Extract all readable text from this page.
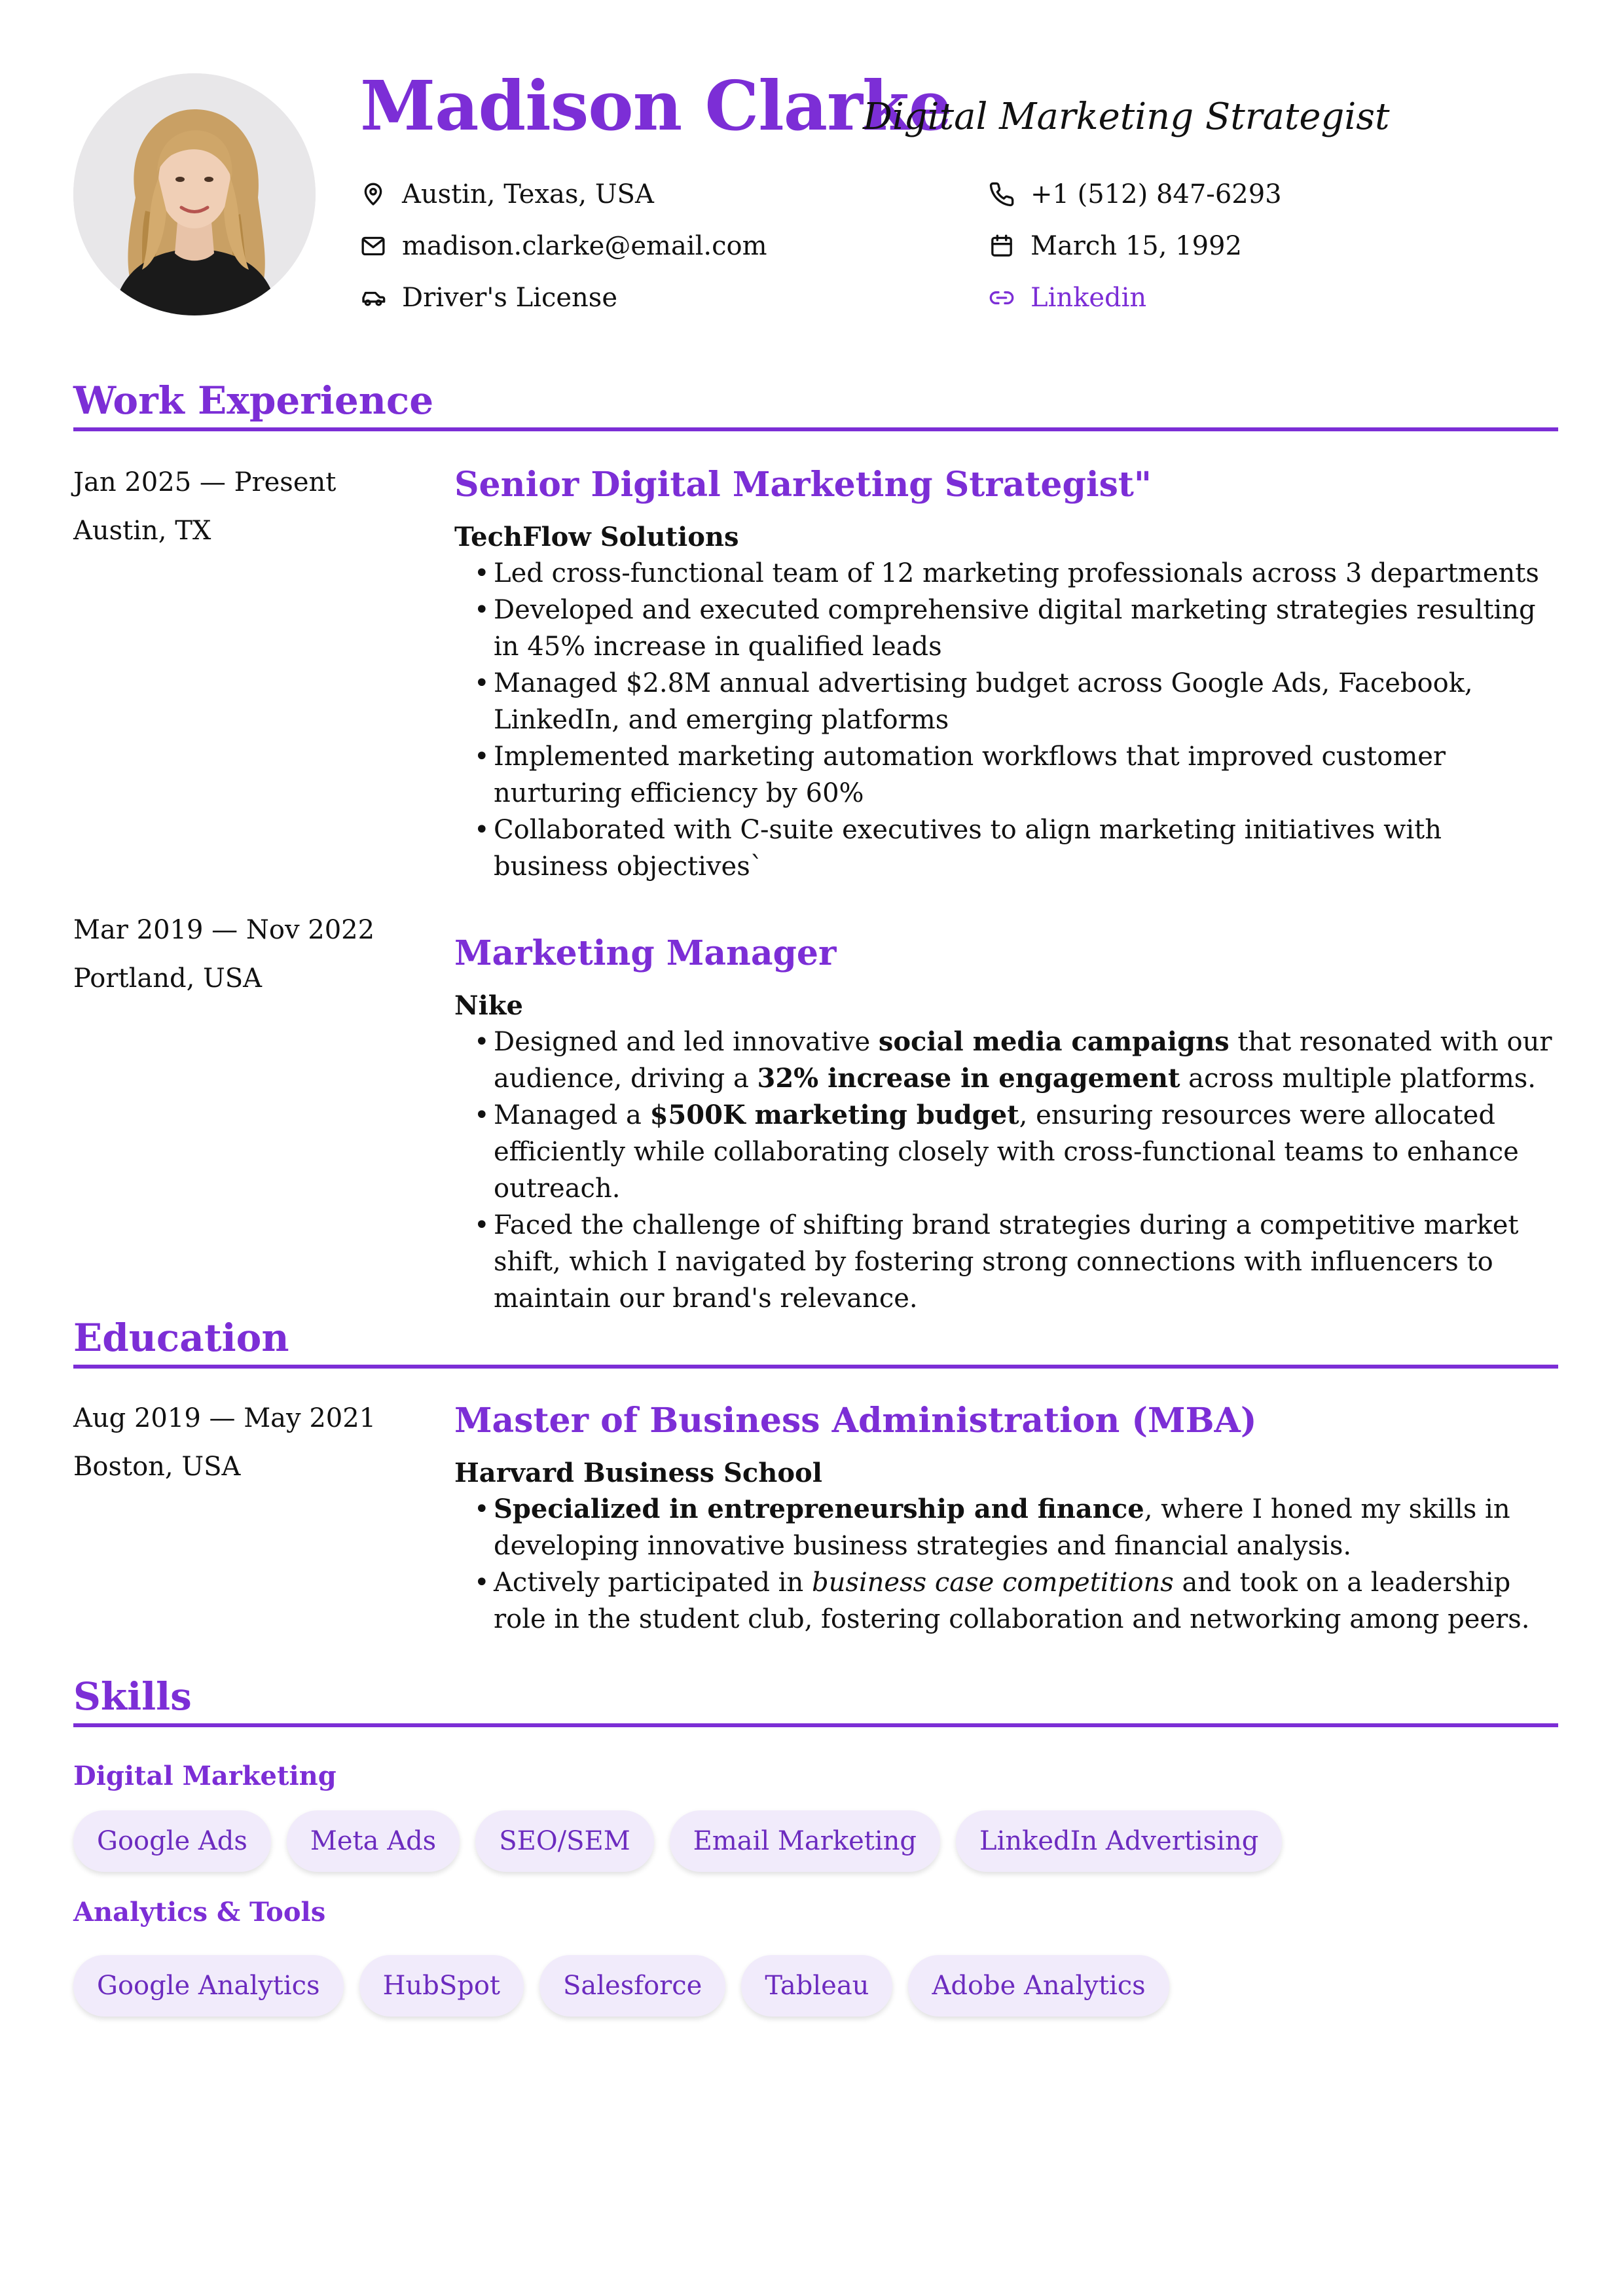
Madison Clarke
Digital Marketing Strategist
Austin, Texas, USA	+1 (512) 847-6293
madison.clarke@email.com	March 15, 1992
Driver's License	Linkedin
Work Experience
Jan 2025 — Present
Austin, TX
Senior Digital Marketing Strategist"
TechFlow Solutions
• Led cross-functional team of 12 marketing professionals across 3 departments
• Developed and executed comprehensive digital marketing strategies resulting in 45% increase in qualified leads
• Managed $2.8M annual advertising budget across Google Ads, Facebook, LinkedIn, and emerging platforms
• Implemented marketing automation workflows that improved customer nurturing efficiency by 60%
• Collaborated with C-suite executives to align marketing initiatives with business objectives`
Mar 2019 — Nov 2022
Portland, USA
Marketing Manager
Nike
• Designed and led innovative social media campaigns that resonated with our audience, driving a 32% increase in engagement across multiple platforms.
• Managed a $500K marketing budget, ensuring resources were allocated efficiently while collaborating closely with cross-functional teams to enhance outreach.
• Faced the challenge of shifting brand strategies during a competitive market shift, which I navigated by fostering strong connections with influencers to maintain our brand's relevance.
Education
Aug 2019 — May 2021
Boston, USA
Master of Business Administration (MBA)
Harvard Business School
• Specialized in entrepreneurship and finance, where I honed my skills in developing innovative business strategies and financial analysis.
• Actively participated in business case competitions and took on a leadership role in the student club, fostering collaboration and networking among peers.
Skills
Digital Marketing
Google Ads	Meta Ads	SEO/SEM	Email Marketing	LinkedIn Advertising
Analytics & Tools
Google Analytics	HubSpot	Salesforce	Tableau	Adobe Analytics
